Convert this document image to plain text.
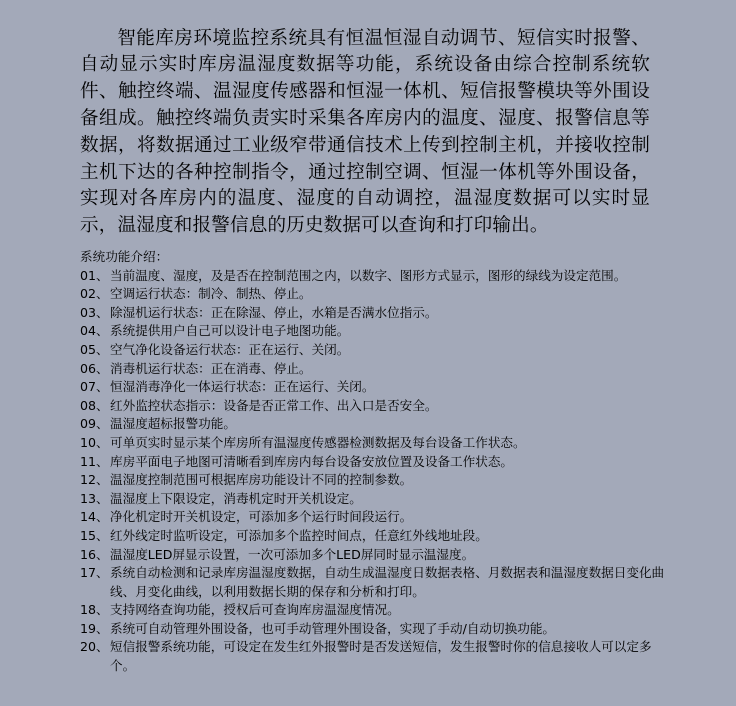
智能库房环境监控系统具有恒温恒湿自动调节、短信实时报警、自动显示实时库房温湿度数据等功能，系统设备由综合控制系统软件、触控终端、温湿度传感器和恒湿一体机、短信报警模块等外围设备组成。触控终端负责实时采集各库房内的温度、湿度、报警信息等数据，将数据通过工业级窄带通信技术上传到控制主机，并接收控制主机下达的各种控制指令，通过控制空调、恒湿一体机等外围设备，实现对各库房内的温度、湿度的自动调控，温湿度数据可以实时显示，温湿度和报警信息的历史数据可以查询和打印输出。

系统功能介绍：

01、 当前温度、湿度，及是否在控制范围之内，以数字、图形方式显示，图形的绿线为设定范围。
02、 空调运行状态：制冷、制热、停止。
03、 除湿机运行状态：正在除湿、停止，水箱是否满水位指示。
04、 系统提供用户自己可以设计电子地图功能。
05、 空气净化设备运行状态：正在运行、关闭。
06、 消毒机运行状态：正在消毒、停止。
07、 恒湿消毒净化一体运行状态：正在运行、关闭。
08、 红外监控状态指示：设备是否正常工作、出入口是否安全。
09、 温湿度超标报警功能。
10、 可单页实时显示某个库房所有温湿度传感器检测数据及每台设备工作状态。
11、 库房平面电子地图可清晰看到库房内每台设备安放位置及设备工作状态。
12、 温湿度控制范围可根据库房功能设计不同的控制参数。
13、 温湿度上下限设定，消毒机定时开关机设定。
14、 净化机定时开关机设定，可添加多个运行时间段运行。
15、 红外线定时监听设定，可添加多个监控时间点，任意红外线地址段。
16、 温湿度LED屏显示设置，一次可添加多个LED屏同时显示温湿度。
17、 系统自动检测和记录库房温湿度数据，自动生成温湿度日数据表格、月数据表和温湿度数据日变化曲线、月变化曲线，以利用数据长期的保存和分析和打印。
18、 支持网络查询功能，授权后可查询库房温湿度情况。
19、 系统可自动管理外围设备，也可手动管理外围设备，实现了手动/自动切换功能。
20、 短信报警系统功能，可设定在发生红外报警时是否发送短信，发生报警时你的信息接收人可以定多个。
